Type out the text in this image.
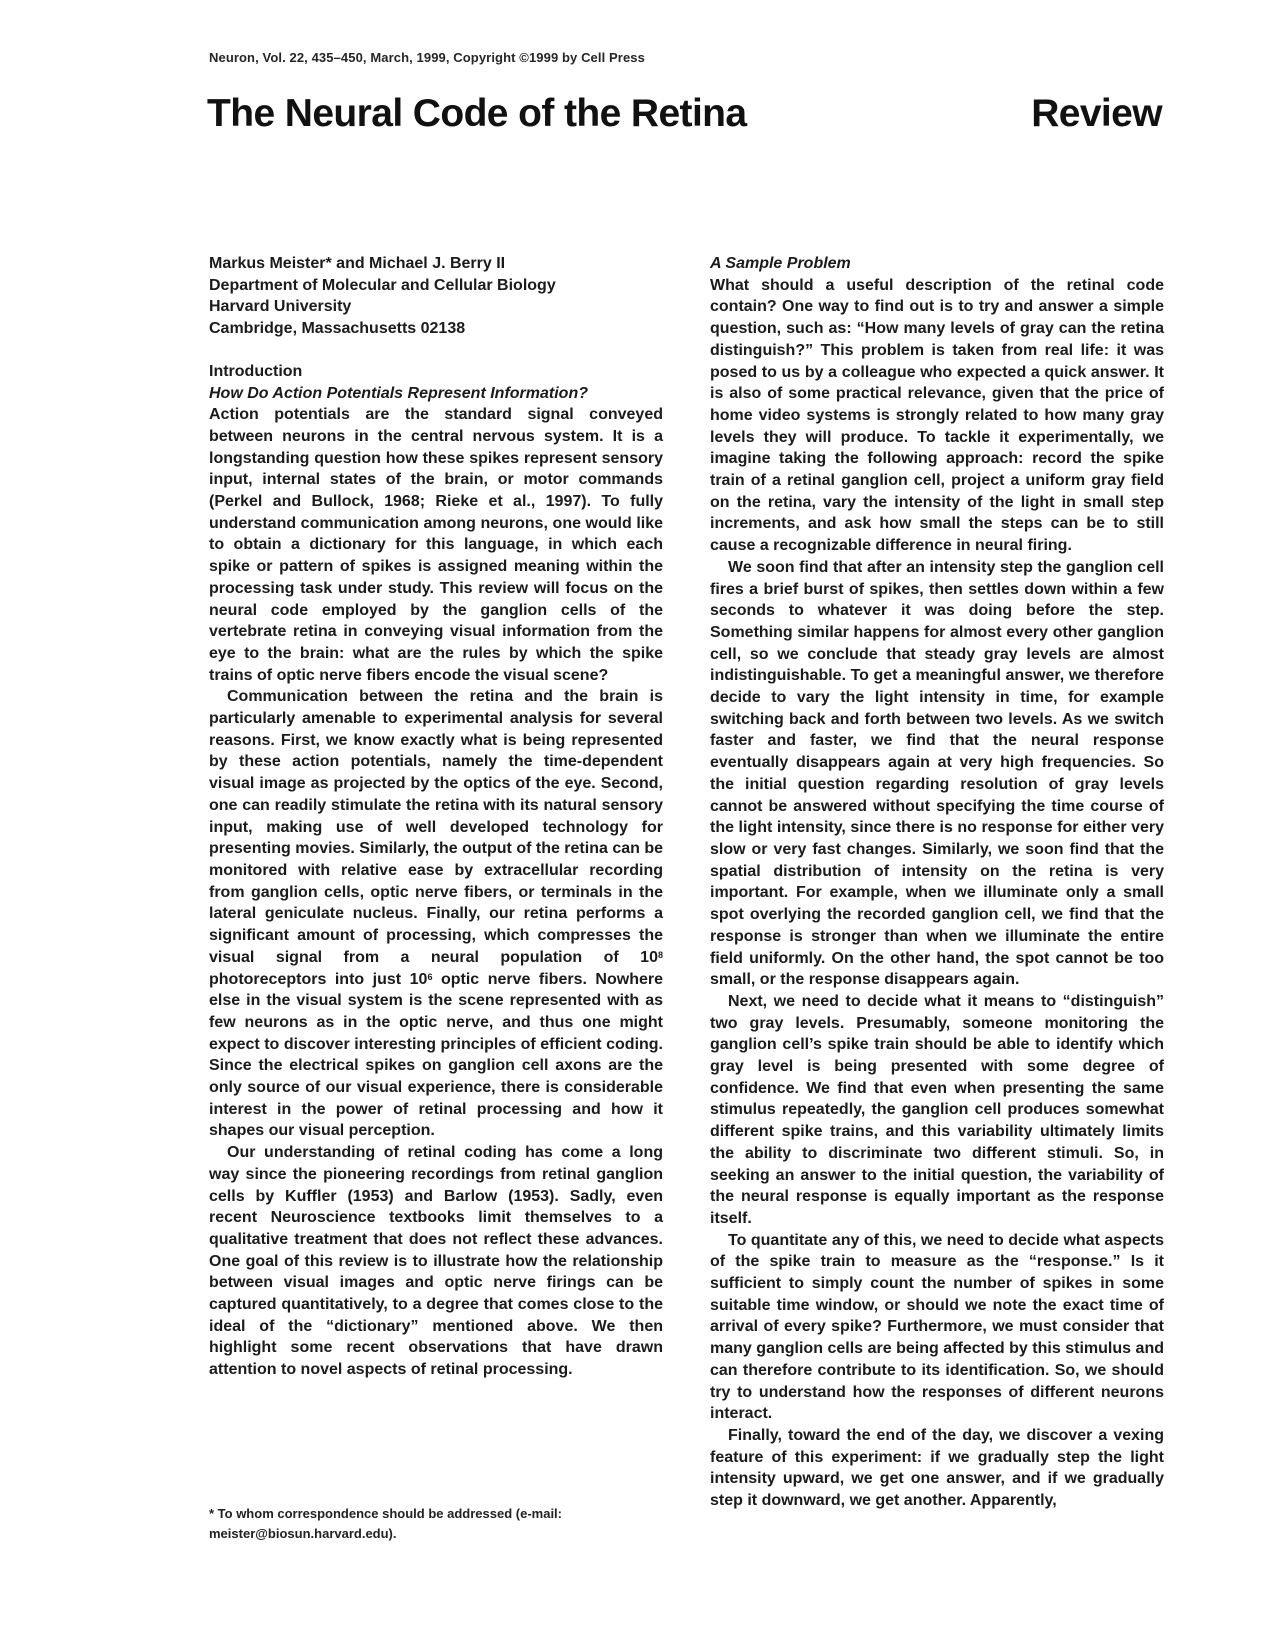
Neuron, Vol. 22, 435–450, March, 1999, Copyright ©1999 by Cell Press
The Neural Code of the Retina	Review
Markus Meister* and Michael J. Berry II
Department of Molecular and Cellular Biology
Harvard University
Cambridge, Massachusetts 02138
Introduction
How Do Action Potentials Represent Information?

Action potentials are the standard signal conveyed between neurons in the central nervous system. It is a longstanding question how these spikes represent sensory input, internal states of the brain, or motor commands (Perkel and Bullock, 1968; Rieke et al., 1997). To fully understand communication among neurons, one would like to obtain a dictionary for this language, in which each spike or pattern of spikes is assigned meaning within the processing task under study. This review will focus on the neural code employed by the ganglion cells of the vertebrate retina in conveying visual information from the eye to the brain: what are the rules by which the spike trains of optic nerve fibers encode the visual scene?

Communication between the retina and the brain is particularly amenable to experimental analysis for several reasons. First, we know exactly what is being represented by these action potentials, namely the time-dependent visual image as projected by the optics of the eye. Second, one can readily stimulate the retina with its natural sensory input, making use of well developed technology for presenting movies. Similarly, the output of the retina can be monitored with relative ease by extracellular recording from ganglion cells, optic nerve fibers, or terminals in the lateral geniculate nucleus. Finally, our retina performs a significant amount of processing, which compresses the visual signal from a neural population of $10^8$ photoreceptors into just $10^6$ optic nerve fibers. Nowhere else in the visual system is the scene represented with as few neurons as in the optic nerve, and thus one might expect to discover interesting principles of efficient coding. Since the electrical spikes on ganglion cell axons are the only source of our visual experience, there is considerable interest in the power of retinal processing and how it shapes our visual perception.

Our understanding of retinal coding has come a long way since the pioneering recordings from retinal ganglion cells by Kuffler (1953) and Barlow (1953). Sadly, even recent Neuroscience textbooks limit themselves to a qualitative treatment that does not reflect these advances. One goal of this review is to illustrate how the relationship between visual images and optic nerve firings can be captured quantitatively, to a degree that comes close to the ideal of the “dictionary” mentioned above. We then highlight some recent observations that have drawn attention to novel aspects of retinal processing.

* To whom correspondence should be addressed (e-mail: meister@biosun.harvard.edu).
A Sample Problem

What should a useful description of the retinal code contain? One way to find out is to try and answer a simple question, such as: “How many levels of gray can the retina distinguish?” This problem is taken from real life: it was posed to us by a colleague who expected a quick answer. It is also of some practical relevance, given that the price of home video systems is strongly related to how many gray levels they will produce. To tackle it experimentally, we imagine taking the following approach: record the spike train of a retinal ganglion cell, project a uniform gray field on the retina, vary the intensity of the light in small step increments, and ask how small the steps can be to still cause a recognizable difference in neural firing.

We soon find that after an intensity step the ganglion cell fires a brief burst of spikes, then settles down within a few seconds to whatever it was doing before the step. Something similar happens for almost every other ganglion cell, so we conclude that steady gray levels are almost indistinguishable. To get a meaningful answer, we therefore decide to vary the light intensity in time, for example switching back and forth between two levels. As we switch faster and faster, we find that the neural response eventually disappears again at very high frequencies. So the initial question regarding resolution of gray levels cannot be answered without specifying the time course of the light intensity, since there is no response for either very slow or very fast changes. Similarly, we soon find that the spatial distribution of intensity on the retina is very important. For example, when we illuminate only a small spot overlying the recorded ganglion cell, we find that the response is stronger than when we illuminate the entire field uniformly. On the other hand, the spot cannot be too small, or the response disappears again.

Next, we need to decide what it means to “distinguish” two gray levels. Presumably, someone monitoring the ganglion cell’s spike train should be able to identify which gray level is being presented with some degree of confidence. We find that even when presenting the same stimulus repeatedly, the ganglion cell produces somewhat different spike trains, and this variability ultimately limits the ability to discriminate two different stimuli. So, in seeking an answer to the initial question, the variability of the neural response is equally important as the response itself.

To quantitate any of this, we need to decide what aspects of the spike train to measure as the “response.” Is it sufficient to simply count the number of spikes in some suitable time window, or should we note the exact time of arrival of every spike? Furthermore, we must consider that many ganglion cells are being affected by this stimulus and can therefore contribute to its identification. So, we should try to understand how the responses of different neurons interact.

Finally, toward the end of the day, we discover a vexing feature of this experiment: if we gradually step the light intensity upward, we get one answer, and if we gradually step it downward, we get another. Apparently,
